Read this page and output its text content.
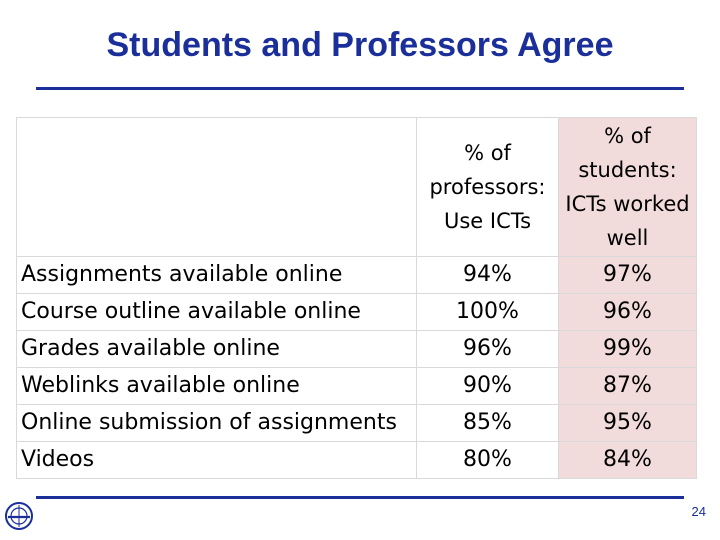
Students and Professors Agree
	% of professors: Use ICTs	% of students: ICTs worked well
Assignments available online	94%	97%
Course outline available online	100%	96%
Grades available online	96%	99%
Weblinks available online	90%	87%
Online submission of assignments	85%	95%
Videos	80%	84%
24
